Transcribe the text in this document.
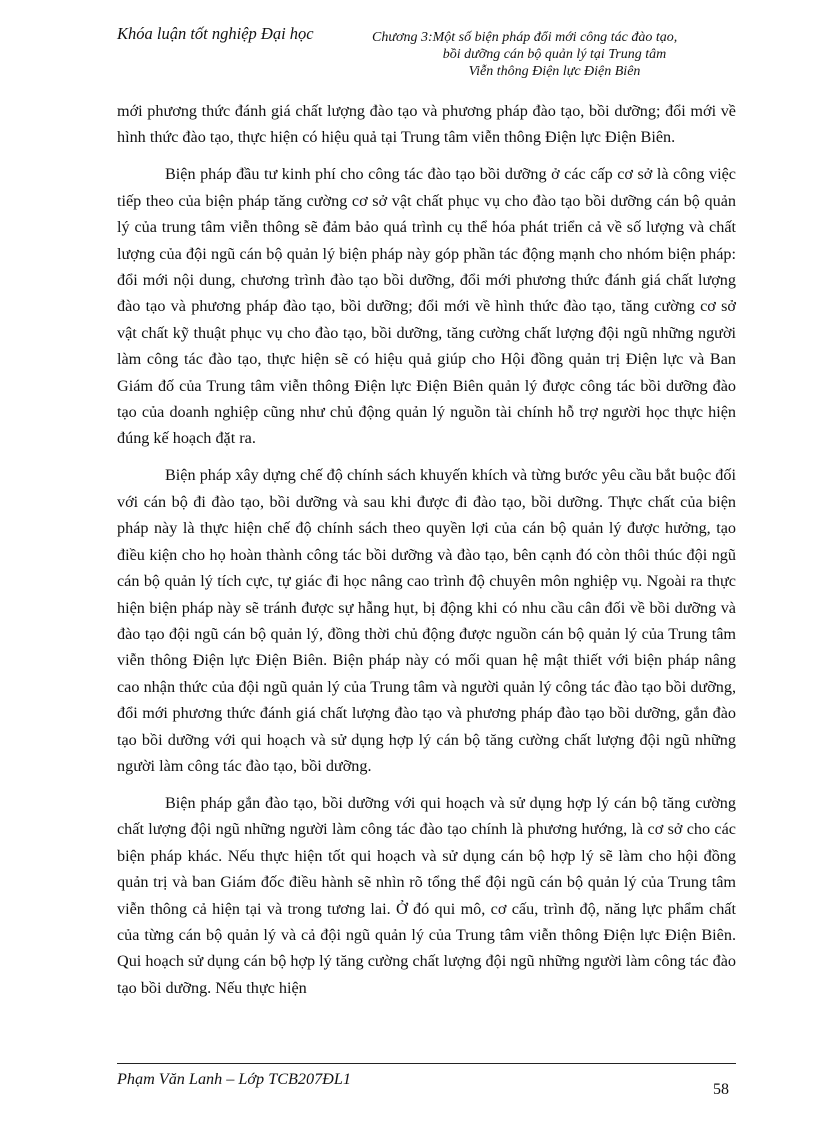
Khóa luận tốt nghiệp Đại học	Chương 3:Một số biện pháp đổi mới công tác đào tạo,
bồi dưỡng cán bộ quản lý tại Trung tâm
Viễn thông Điện lực Điện Biên

mới phương thức đánh giá chất lượng đào tạo và phương pháp đào tạo, bồi dưỡng; đổi mới về hình thức đào tạo, thực hiện có hiệu quả tại Trung tâm viễn thông Điện lực Điện Biên.

Biện pháp đầu tư kinh phí cho công tác đào tạo bồi dưỡng ở các cấp cơ sở là công việc tiếp theo của biện pháp tăng cường cơ sở vật chất phục vụ cho đào tạo bồi dưỡng cán bộ quản lý của trung tâm viễn thông sẽ đảm bảo quá trình cụ thể hóa phát triển cả về số lượng và chất lượng của đội ngũ cán bộ quản lý biện pháp này góp phần tác động mạnh cho nhóm biện pháp: đổi mới nội dung, chương trình đào tạo bồi dưỡng, đổi mới phương thức đánh giá chất lượng đào tạo và phương pháp đào tạo, bồi dưỡng; đổi mới về hình thức đào tạo, tăng cường cơ sở vật chất kỹ thuật phục vụ cho đào tạo, bồi dưỡng, tăng cường chất lượng đội ngũ những người làm công tác đào tạo, thực hiện sẽ có hiệu quả giúp cho Hội đồng quản trị Điện lực và Ban Giám đố của Trung tâm viễn thông Điện lực Điện Biên quản lý được công tác bồi dưỡng đào tạo của doanh nghiệp cũng như chủ động quản lý nguồn tài chính hỗ trợ người học thực hiện đúng kế hoạch đặt ra.

Biện pháp xây dựng chế độ chính sách khuyến khích và từng bước yêu cầu bắt buộc đối với cán bộ đi đào tạo, bồi dưỡng và sau khi được đi đào tạo, bồi dưỡng. Thực chất của biện pháp này là thực hiện chế độ chính sách theo quyền lợi của cán bộ quản lý được hưởng, tạo điều kiện cho họ hoàn thành công tác bồi dưỡng và đào tạo, bên cạnh đó còn thôi thúc đội ngũ cán bộ quản lý tích cực, tự giác đi học nâng cao trình độ chuyên môn nghiệp vụ. Ngoài ra thực hiện biện pháp này sẽ tránh được sự hẫng hụt, bị động khi có nhu cầu cân đối về bồi dưỡng và đào tạo đội ngũ cán bộ quản lý, đồng thời chủ động được nguồn cán bộ quản lý của Trung tâm viễn thông Điện lực Điện Biên. Biện pháp này có mối quan hệ mật thiết với biện pháp nâng cao nhận thức của đội ngũ quản lý của Trung tâm và người quản lý công tác đào tạo bồi dưỡng, đổi mới phương thức đánh giá chất lượng đào tạo và phương pháp đào tạo bồi dưỡng, gắn đào tạo bồi dưỡng với qui hoạch và sử dụng hợp lý cán bộ tăng cường chất lượng đội ngũ những người làm công tác đào tạo, bồi dưỡng.

Biện pháp gắn đào tạo, bồi dưỡng với qui hoạch và sử dụng hợp lý cán bộ tăng cường chất lượng đội ngũ những người làm công tác đào tạo chính là phương hướng, là cơ sở cho các biện pháp khác. Nếu thực hiện tốt qui hoạch và sử dụng cán bộ hợp lý sẽ làm cho hội đồng quản trị và ban Giám đốc điều hành sẽ nhìn rõ tổng thể đội ngũ cán bộ quản lý của Trung tâm viễn thông cả hiện tại và trong tương lai. Ở đó qui mô, cơ cấu, trình độ, năng lực phẩm chất của từng cán bộ quản lý và cả đội ngũ quản lý của Trung tâm viễn thông Điện lực Điện Biên. Qui hoạch sử dụng cán bộ hợp lý tăng cường chất lượng đội ngũ những người làm công tác đào tạo bồi dưỡng. Nếu thực hiện

Phạm Văn Lanh – Lớp TCB207ĐL1
58
